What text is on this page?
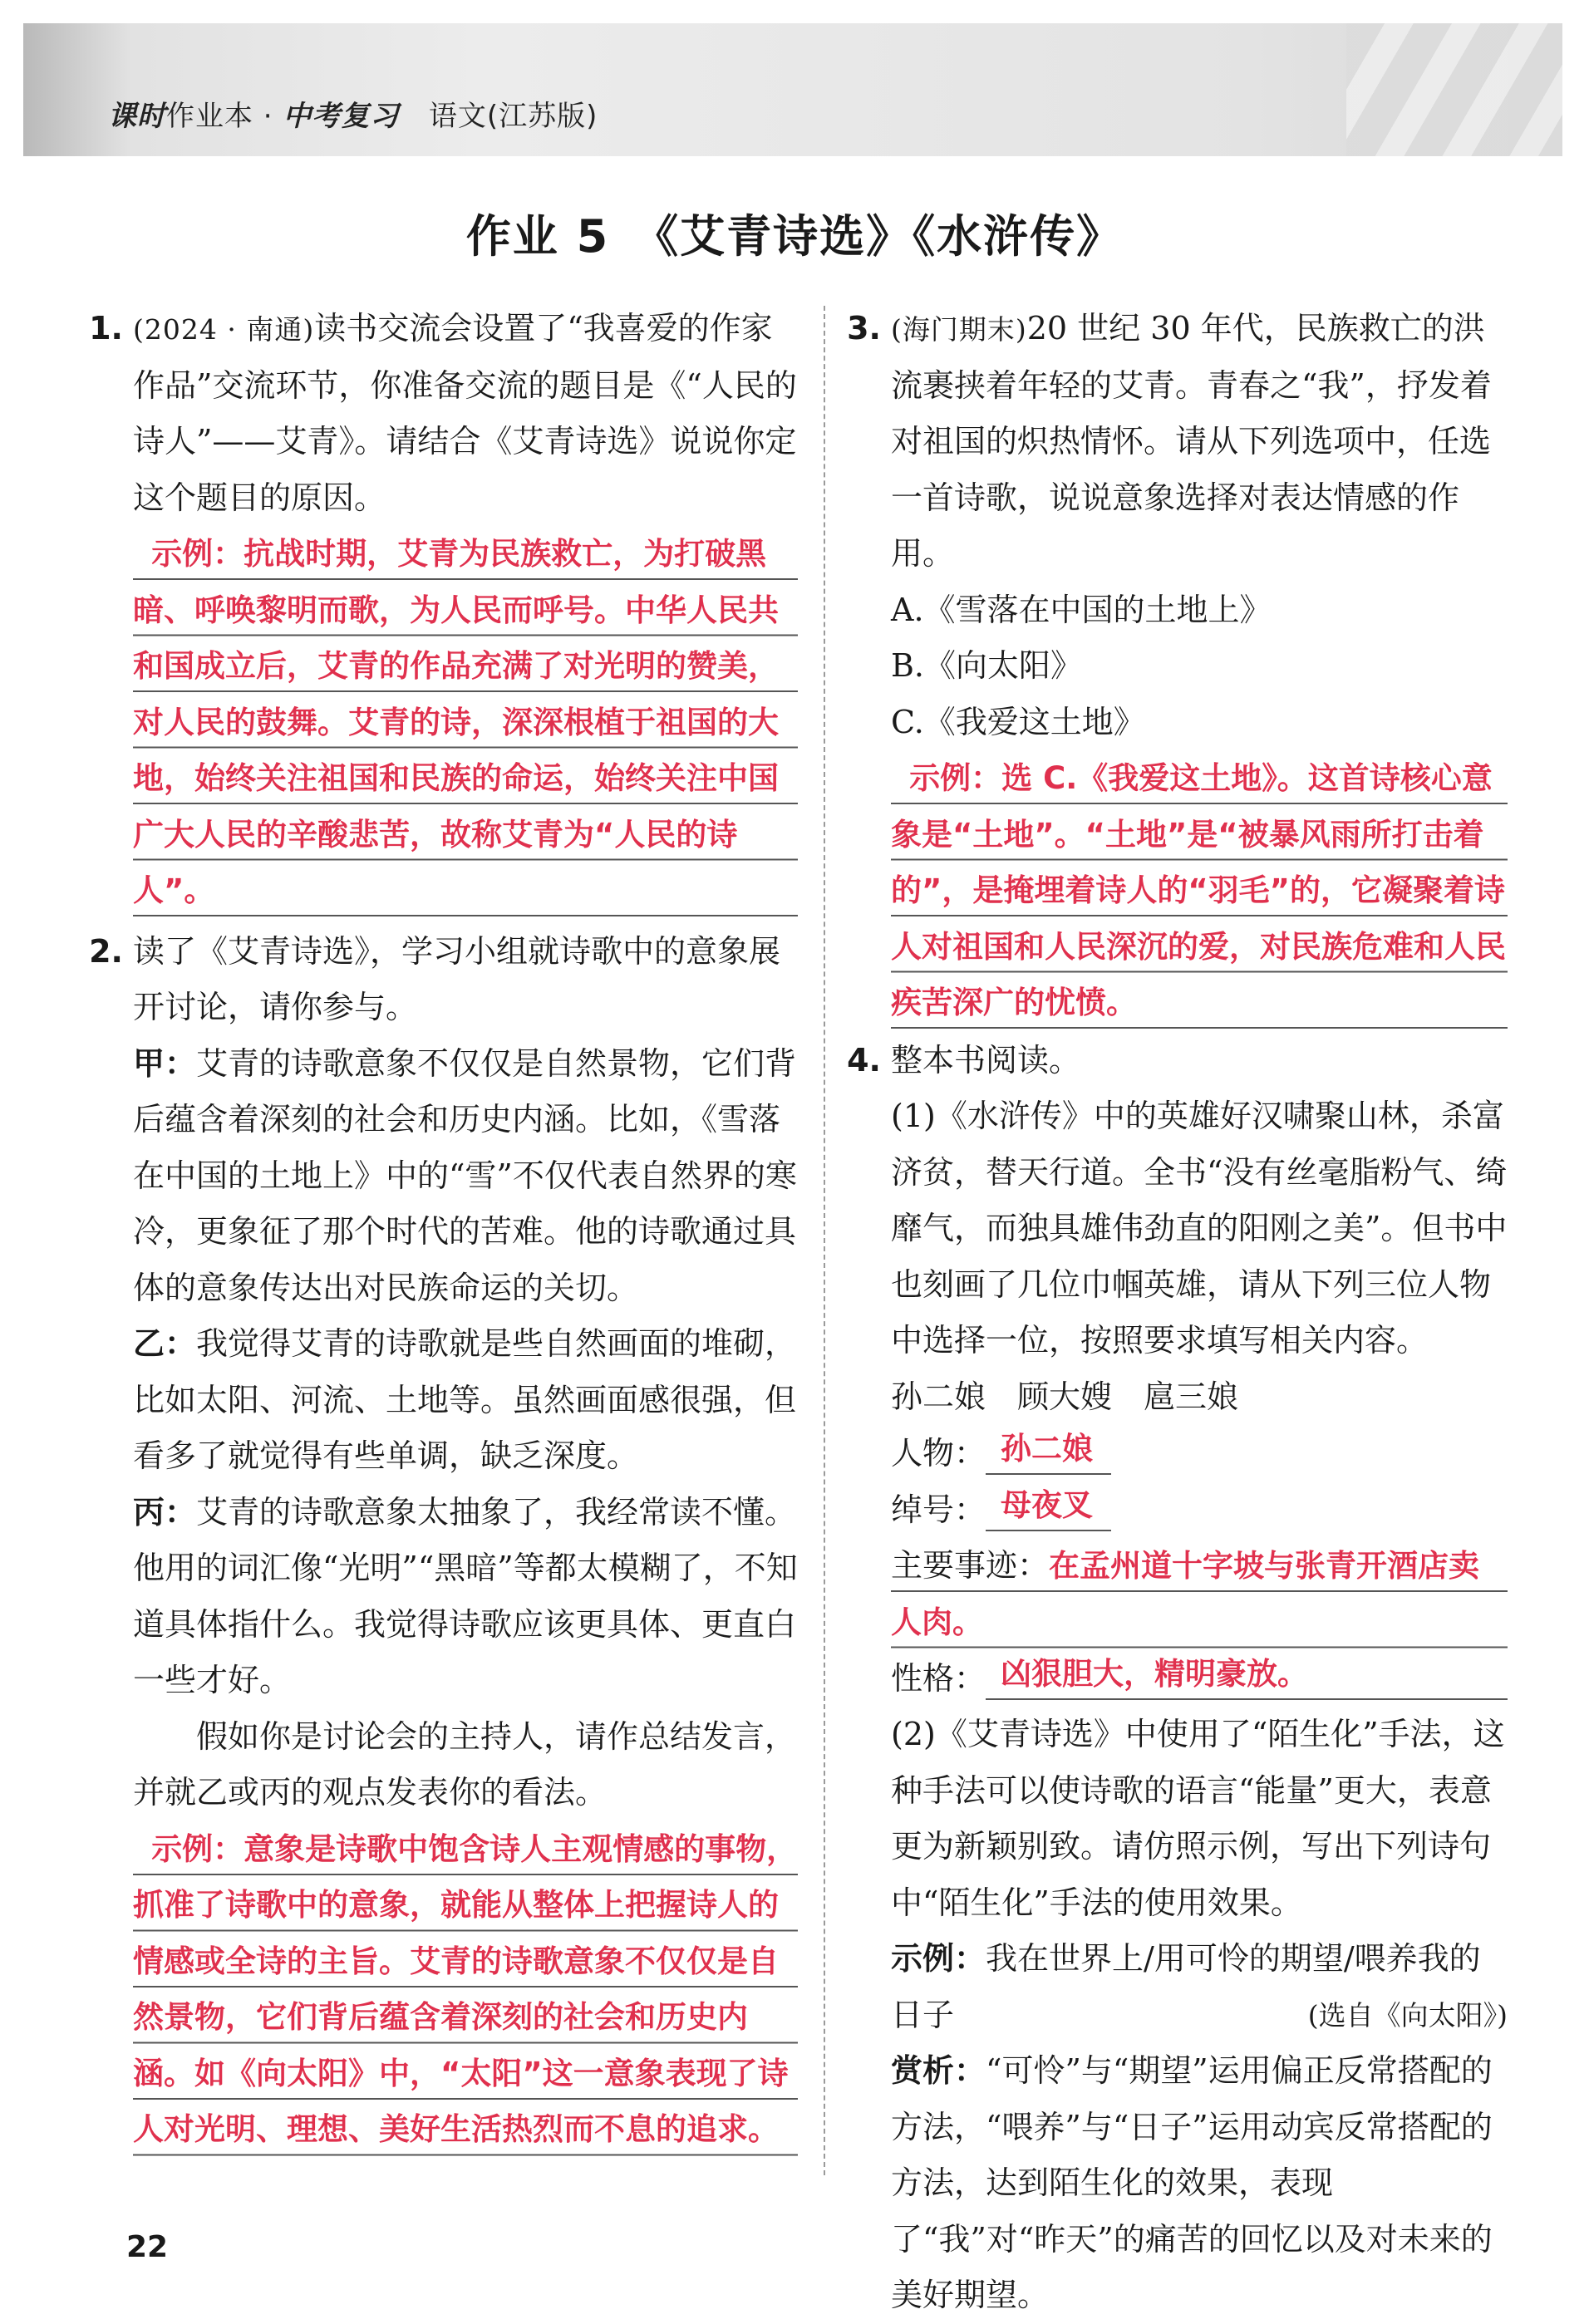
课时作业本 · 中考复习 语文(江苏版)
作业 5　《艾青诗选》《水浒传》
1. (2024 · 南通)读书交流会设置了“我喜爱的作家作品”交流环节，你准备交流的题目是《“人民的诗人”——艾青》。请结合《艾青诗选》说说你定这个题目的原因。

示例：抗战时期，艾青为民族救亡，为打破黑暗、呼唤黎明而歌，为人民而呼号。中华人民共和国成立后，艾青的作品充满了对光明的赞美，对人民的鼓舞。艾青的诗，深深根植于祖国的大地，始终关注祖国和民族的命运，始终关注中国广大人民的辛酸悲苦，故称艾青为“人民的诗人”。

2. 读了《艾青诗选》，学习小组就诗歌中的意象展开讨论，请你参与。

甲：艾青的诗歌意象不仅仅是自然景物，它们背后蕴含着深刻的社会和历史内涵。比如，《雪落在中国的土地上》中的“雪”不仅代表自然界的寒冷，更象征了那个时代的苦难。他的诗歌通过具体的意象传达出对民族命运的关切。

乙：我觉得艾青的诗歌就是些自然画面的堆砌，比如太阳、河流、土地等。虽然画面感很强，但看多了就觉得有些单调，缺乏深度。

丙：艾青的诗歌意象太抽象了，我经常读不懂。他用的词汇像“光明”“黑暗”等都太模糊了，不知道具体指什么。我觉得诗歌应该更具体、更直白一些才好。

假如你是讨论会的主持人，请作总结发言，并就乙或丙的观点发表你的看法。

示例：意象是诗歌中饱含诗人主观情感的事物，抓准了诗歌中的意象，就能从整体上把握诗人的情感或全诗的主旨。艾青的诗歌意象不仅仅是自然景物，它们背后蕴含着深刻的社会和历史内涵。如《向太阳》中，“太阳”这一意象表现了诗人对光明、理想、美好生活热烈而不息的追求。

3. (海门期末)20 世纪 30 年代，民族救亡的洪流裹挟着年轻的艾青。青春之“我”，抒发着对祖国的炽热情怀。请从下列选项中，任选一首诗歌，说说意象选择对表达情感的作用。

A.《雪落在中国的土地上》

B.《向太阳》

C.《我爱这土地》

示例：选 C.《我爱这土地》。这首诗核心意象是“土地”。“土地”是“被暴风雨所打击着的”，是掩埋着诗人的“羽毛”的，它凝聚着诗人对祖国和人民深沉的爱，对民族危难和人民疾苦深广的忧愤。

4. 整本书阅读。

(1)《水浒传》中的英雄好汉啸聚山林，杀富济贫，替天行道。全书“没有丝毫脂粉气、绮靡气，而独具雄伟劲直的阳刚之美”。但书中也刻画了几位巾帼英雄，请从下列三位人物中选择一位，按照要求填写相关内容。

孙二娘　顾大嫂　扈三娘

人物： 孙二娘
绰号： 母夜叉

主要事迹：在孟州道十字坡与张青开酒店卖人肉。

性格： 凶狠胆大，精明豪放。

(2)《艾青诗选》中使用了“陌生化”手法，这种手法可以使诗歌的语言“能量”更大，表意更为新颖别致。请仿照示例，写出下列诗句中“陌生化”手法的使用效果。

示例：我在世界上/用可怜的期望/喂养我的日子	(选自《向太阳》)

赏析：“可怜”与“期望”运用偏正反常搭配的方法，“喂养”与“日子”运用动宾反常搭配的方法，达到陌生化的效果，表现了“我”对“昨天”的痛苦的回忆以及对未来的美好期望。

22
